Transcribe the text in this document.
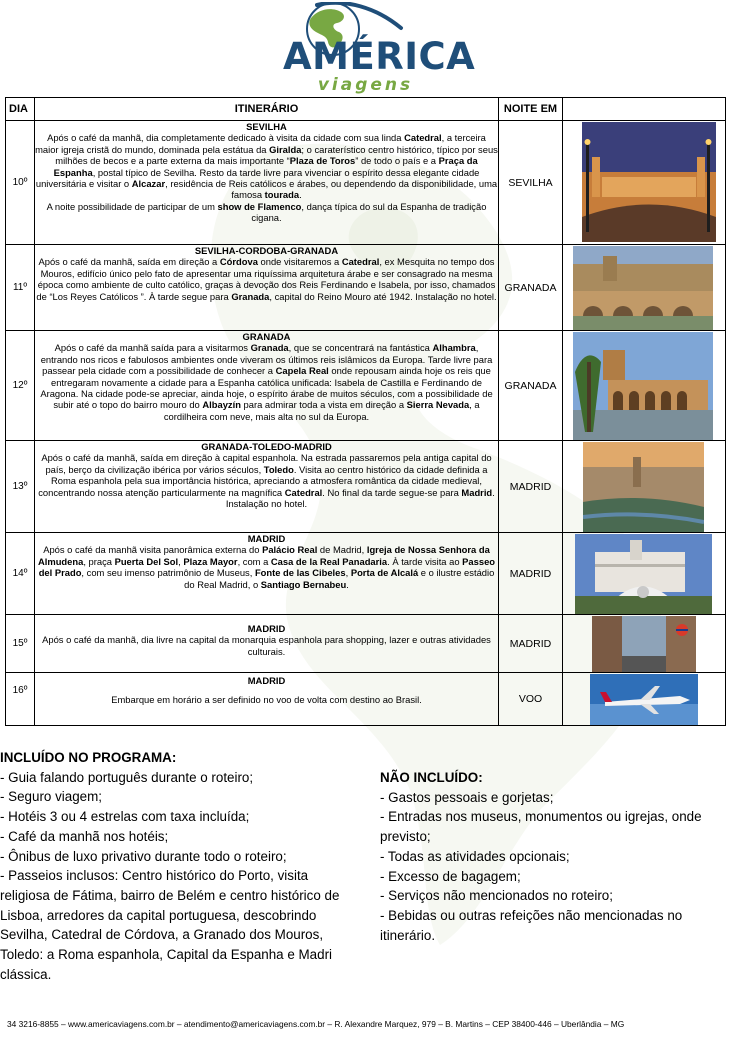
AMÉRICA
viagens
DIA	ITINERÁRIO	NOITE EM	
10º	SEVILHA
Após o café da manhã, dia completamente dedicado à visita da cidade com sua linda Catedral, a terceira maior igreja cristã do mundo, dominada pela estátua da Giralda; o caraterístico centro histórico, típico por seus milhões de becos e a parte externa da mais importante “Plaza de Toros” de todo o país e a Praça da Espanha, postal típico de Sevilha. Resto da tarde livre para vivenciar o espírito dessa elegante cidade universitária e visitar o Alcazar, residência de Reis católicos e árabes, ou dependendo da disponibilidade, uma famosa tourada.
A noite possibilidade de participar de um show de Flamenco, dança típica do sul da Espanha de tradição cigana.	SEVILHA	

11º	SEVILHA-CORDOBA-GRANADA
Após o café da manhã, saída em direção a Córdova onde visitaremos a Catedral, ex Mesquita no tempo dos Mouros, edifício único pelo fato de apresentar uma riquíssima arquitetura árabe e ser consagrado na mesma época como ambiente de culto católico, graças à devoção dos Reis Ferdinando e Isabela, por isso, chamados de “Los Reyes Católicos ”. À tarde segue para Granada, capital do Reino Mouro até 1942. Instalação no hotel.	GRANADA	

12º	GRANADA
Após o café da manhã saída para a visitarmos Granada, que se concentrará na fantástica Alhambra, entrando nos ricos e fabulosos ambientes onde viveram os últimos reis islâmicos da Europa. Tarde livre para passear pela cidade com a possibilidade de conhecer a Capela Real onde repousam ainda hoje os reis que entregaram novamente a cidade para a Espanha católica unificada: Isabela de Castilla e Ferdinando de Aragona. Na cidade pode-se apreciar, ainda hoje, o espírito árabe de muitos séculos, com a possibilidade de subir até o topo do bairro mouro do Albayzín para admirar toda a vista em direção a Sierra Nevada, a cordilheira com neve, mais alta no sul da Europa.	GRANADA	

13º	GRANADA-TOLEDO-MADRID
Após o café da manhã, saída em direção à capital espanhola. Na estrada passaremos pela antiga capital do país, berço da civilização ibérica por vários séculos, Toledo. Visita ao centro histórico da cidade definida a Roma espanhola pela sua importância histórica, apreciando a atmosfera romântica da cidade medieval, concentrando nossa atenção particularmente na magnífica Catedral. No final da tarde segue-se para Madrid. Instalação no hotel.	MADRID	

14º	MADRID
Após o café da manhã visita panorâmica externa do Palácio Real de Madrid, Igreja de Nossa Senhora da Almudena, praça Puerta Del Sol, Plaza Mayor, com a Casa de la Real Panadaria. À tarde visita ao Passeo del Prado, com seu imenso patrimônio de Museus, Fonte de las Cibeles, Porta de Alcalá e o ilustre estádio do Real Madrid, o Santiago Bernabeu.	MADRID	

15º	MADRID
Após o café da manhã, dia livre na capital da monarquia espanhola para shopping, lazer e outras atividades culturais.	MADRID	

16º	MADRID
Embarque em horário a ser definido no voo de volta com destino ao Brasil.	VOO	
INCLUÍDO NO PROGRAMA:
- Guia falando português durante o roteiro;
- Seguro viagem;
- Hotéis 3 ou 4 estrelas com taxa incluída;
- Café da manhã nos hotéis;
- Ônibus de luxo privativo durante todo o roteiro;
- Passeios inclusos: Centro histórico do Porto, visita religiosa de Fátima, bairro de Belém e centro histórico de Lisboa, arredores da capital portuguesa, descobrindo Sevilha, Catedral de Córdova, a Granado dos Mouros, Toledo: a Roma espanhola, Capital da Espanha e Madri clássica.
NÃO INCLUÍDO:
- Gastos pessoais e gorjetas;
- Entradas nos museus, monumentos ou igrejas, onde previsto;
- Todas as atividades opcionais;
- Excesso de bagagem;
- Serviços não mencionados no roteiro;
- Bebidas ou outras refeições não mencionadas no itinerário.
34 3216-8855 – www.americaviagens.com.br – atendimento@americaviagens.com.br – R. Alexandre Marquez, 979 – B. Martins – CEP 38400-446 – Uberlândia – MG
